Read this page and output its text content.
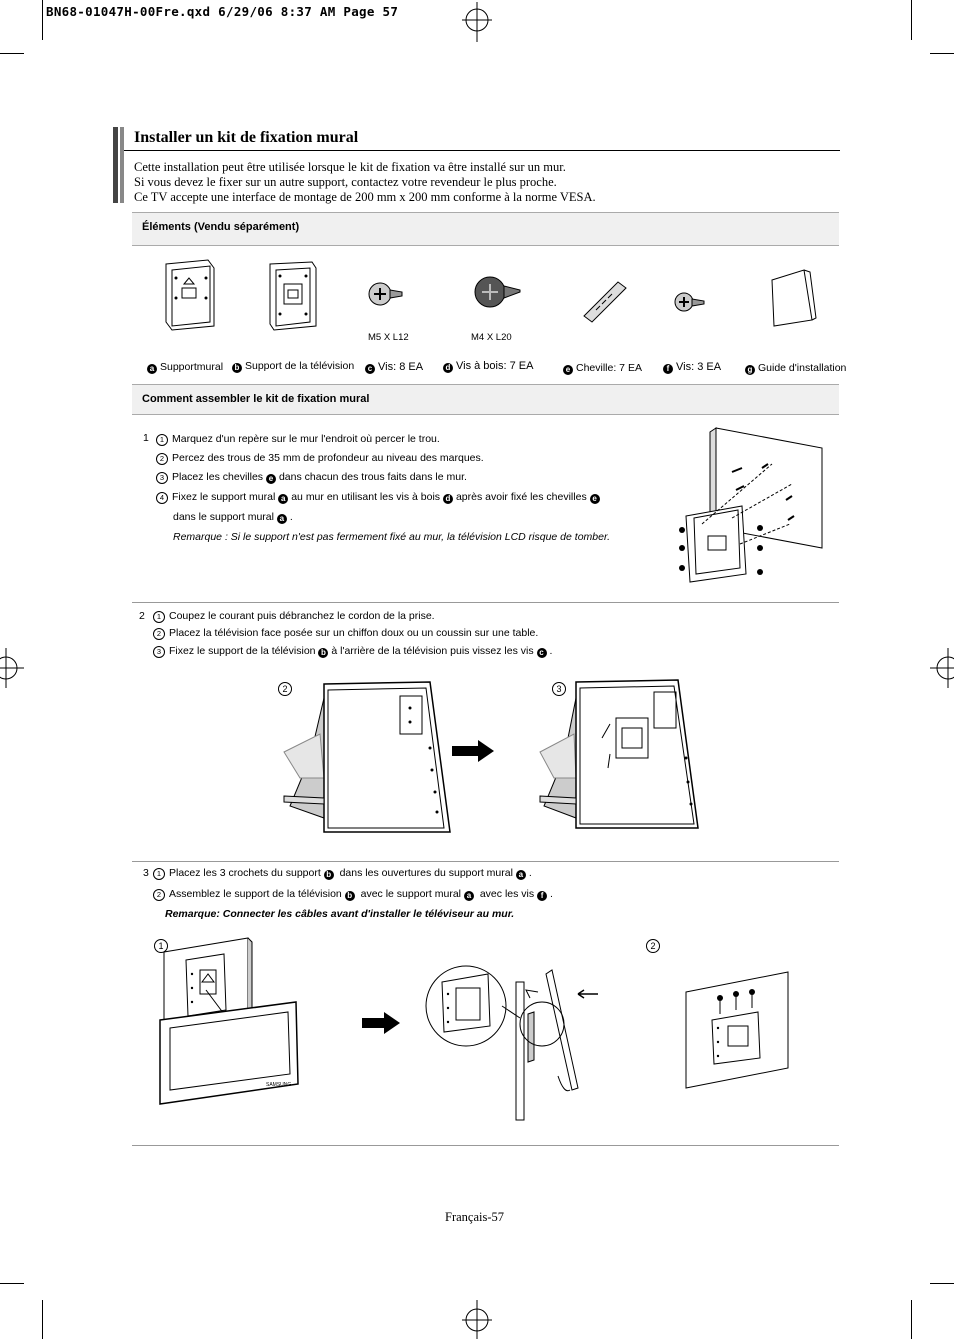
BN68-01047H-00Fre.qxd 6/29/06 8:37 AM Page 57
Installer un kit de fixation mural
Cette installation peut être utilisée lorsque le kit de fixation va être installé sur un mur.
Si vous devez le fixer sur un autre support, contactez votre revendeur le plus proche.
Ce TV accepte une interface de montage de 200 mm x 200 mm conforme à la norme VESA.
Éléments (Vendu séparément)
M5 X L12	M4 X L20
a Supportmural	b Support de la télévision	c Vis: 8 EA	d Vis à bois: 7 EA	e Cheville: 7 EA	f Vis: 3 EA	g Guide d'installation
Comment assembler le kit de fixation mural
1	1 Marquez d'un repère sur le mur l'endroit où percer le trou.
2 Percez des trous de 35 mm de profondeur au niveau des marques.
3 Placez les chevilles e dans chacun des trous faits dans le mur.
4 Fixez le support mural a au mur en utilisant les vis à bois d après avoir fixé les chevilles e
dans le support mural a .
Remarque : Si le support n'est pas fermement fixé au mur, la télévision LCD risque de tomber.
2	1 Coupez le courant puis débranchez le cordon de la prise.
2 Placez la télévision face posée sur un chiffon doux ou un coussin sur une table.
3 Fixez le support de la télévision b à l'arrière de la télévision puis vissez les vis c .
2	3
3	1 Placez les 3 crochets du support b dans les ouvertures du support mural a .
2 Assemblez le support de la télévision b avec le support mural a avec les vis f .
Remarque: Connecter les câbles avant d'installer le téléviseur au mur.
1	2
SAMSUNG
Français-57
